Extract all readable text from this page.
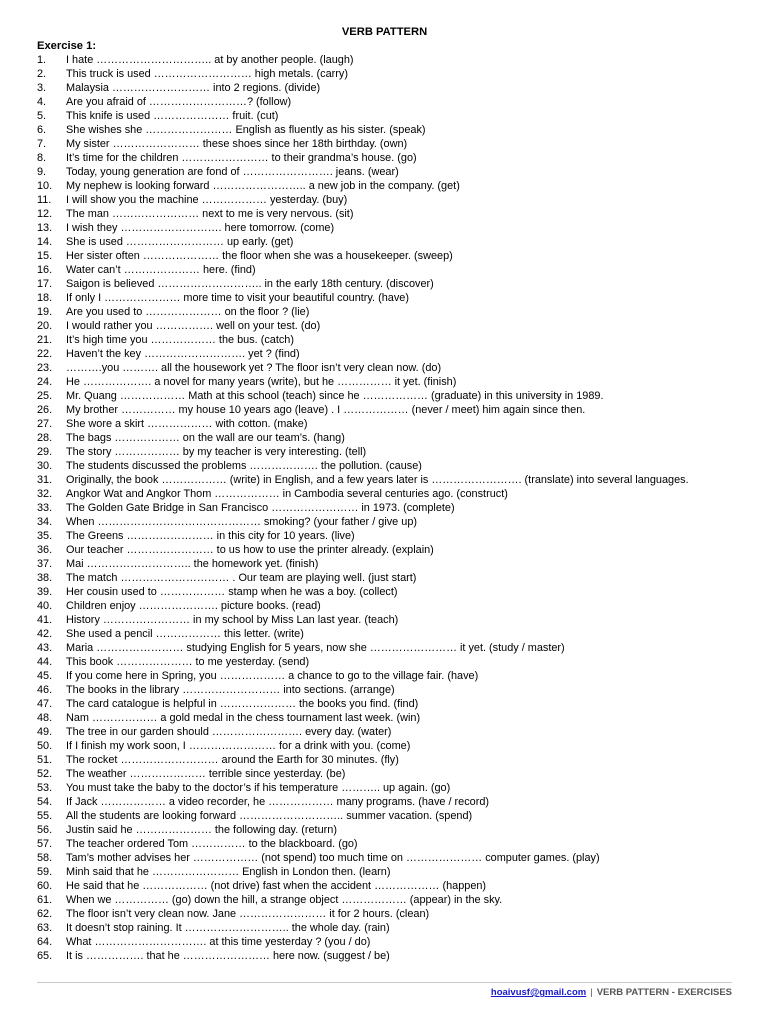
VERB PATTERN
Exercise 1:
1.	I hate ………………………….. at by another people. (laugh)
2.	This truck is used ……………………… high metals. (carry)
3.	Malaysia ……………………… into 2 regions. (divide)
4.	Are you afraid of ………………………? (follow)
5.	This knife is used ………………… fruit. (cut)
6.	She wishes she …………………… English as fluently as his sister. (speak)
7.	My sister …………………… these shoes since her 18th birthday. (own)
8.	It’s time for the children …………………… to their grandma’s house. (go)
9.	Today, young generation are fond of ……………………. jeans. (wear)
10.	My nephew is looking forward …………………….. a new job in the company. (get)
11.	I will show you the machine ……………… yesterday. (buy)
12.	The man …………………… next to me is very nervous. (sit)
13.	I wish they ………………………. here tomorrow. (come)
14.	She is used ……………………… up early. (get)
15.	Her sister often ………………… the floor when she was a housekeeper. (sweep)
16.	Water can’t ………………… here. (find)
17.	Saigon is believed ……………………….. in the early 18th century. (discover)
18.	If only I ………………… more time to visit your beautiful country. (have)
19.	Are you used to ………………… on the floor ? (lie)
20.	I would rather you ……………. well on your test. (do)
21.	It’s high time you ……………… the bus. (catch)
22.	Haven’t the key ………………………. yet ? (find)
23.	……….you ………. all the housework yet ? The floor isn’t very clean now. (do)
24.	He ………………. a novel for many years (write), but he …………… it yet. (finish)
25.	Mr. Quang ……………… Math at this school (teach) since he ……………… (graduate) in this university in 1989.
26.	My brother …………… my house 10 years ago (leave) . I ……………… (never / meet) him again since then.
27.	She wore a skirt ……………… with cotton. (make)
28.	The bags ……………… on the wall are our team’s. (hang)
29.	The story ……………… by my teacher is very interesting. (tell)
30.	The students discussed the problems ………………. the pollution. (cause)
31.	Originally, the book ……………… (write) in English, and a few years later is ……………………. (translate) into several languages.
32.	Angkor Wat and Angkor Thom ……………… in Cambodia several centuries ago. (construct)
33.	The Golden Gate Bridge in San Francisco …………………… in 1973. (complete)
34.	When ……………………………………… smoking? (your father / give up)
35.	The Greens …………………… in this city for 10 years. (live)
36.	Our teacher …………………… to us how to use the printer already. (explain)
37.	Mai ……………………….. the homework yet. (finish)
38.	The match ………………………… . Our team are playing well. (just start)
39.	Her cousin used to ……………… stamp when he was a boy. (collect)
40.	Children enjoy …………………. picture books. (read)
41.	History …………………… in my school by Miss Lan last year. (teach)
42.	She used a pencil ……………… this letter. (write)
43.	Maria …………………… studying English for 5 years, now she …………………… it yet. (study / master)
44.	This book ………………… to me yesterday. (send)
45.	If you come here in Spring, you ……………… a chance to go to the village fair. (have)
46.	The books in the library ……………………… into sections. (arrange)
47.	The card catalogue is helpful in ………………… the books you find. (find)
48.	Nam ……………… a gold medal in the chess tournament last week. (win)
49.	The tree in our garden should ……………………. every day. (water)
50.	If I finish my work soon, I …………………… for a drink with you. (come)
51.	The rocket ……………………… around the Earth for 30 minutes. (fly)
52.	The weather ………………… terrible since yesterday. (be)
53.	You must take the baby to the doctor’s if his temperature ……….. up again. (go)
54.	If Jack ……………… a video recorder, he ……………… many programs. (have / record)
55.	All the students are looking forward ……………………….. summer vacation. (spend)
56.	Justin said he ………………… the following day. (return)
57.	The teacher ordered Tom …………… to the blackboard. (go)
58.	Tam’s mother advises her ……………… (not spend) too much time on ………………… computer games. (play)
59.	Minh said that he …………………… English in London then. (learn)
60.	He said that he ……………… (not drive) fast when the accident ……………… (happen)
61.	When we …………… (go) down the hill, a strange object ……………… (appear) in the sky.
62.	The floor isn’t very clean now. Jane …………………… it for 2 hours. (clean)
63.	It doesn’t stop raining. It ……………………….. the whole day. (rain)
64.	What …………………………. at this time yesterday ? (you / do)
65.	It is ……………. that he …………………… here now. (suggest / be)
hoaivusf@gmail.com | VERB PATTERN - EXERCISES
